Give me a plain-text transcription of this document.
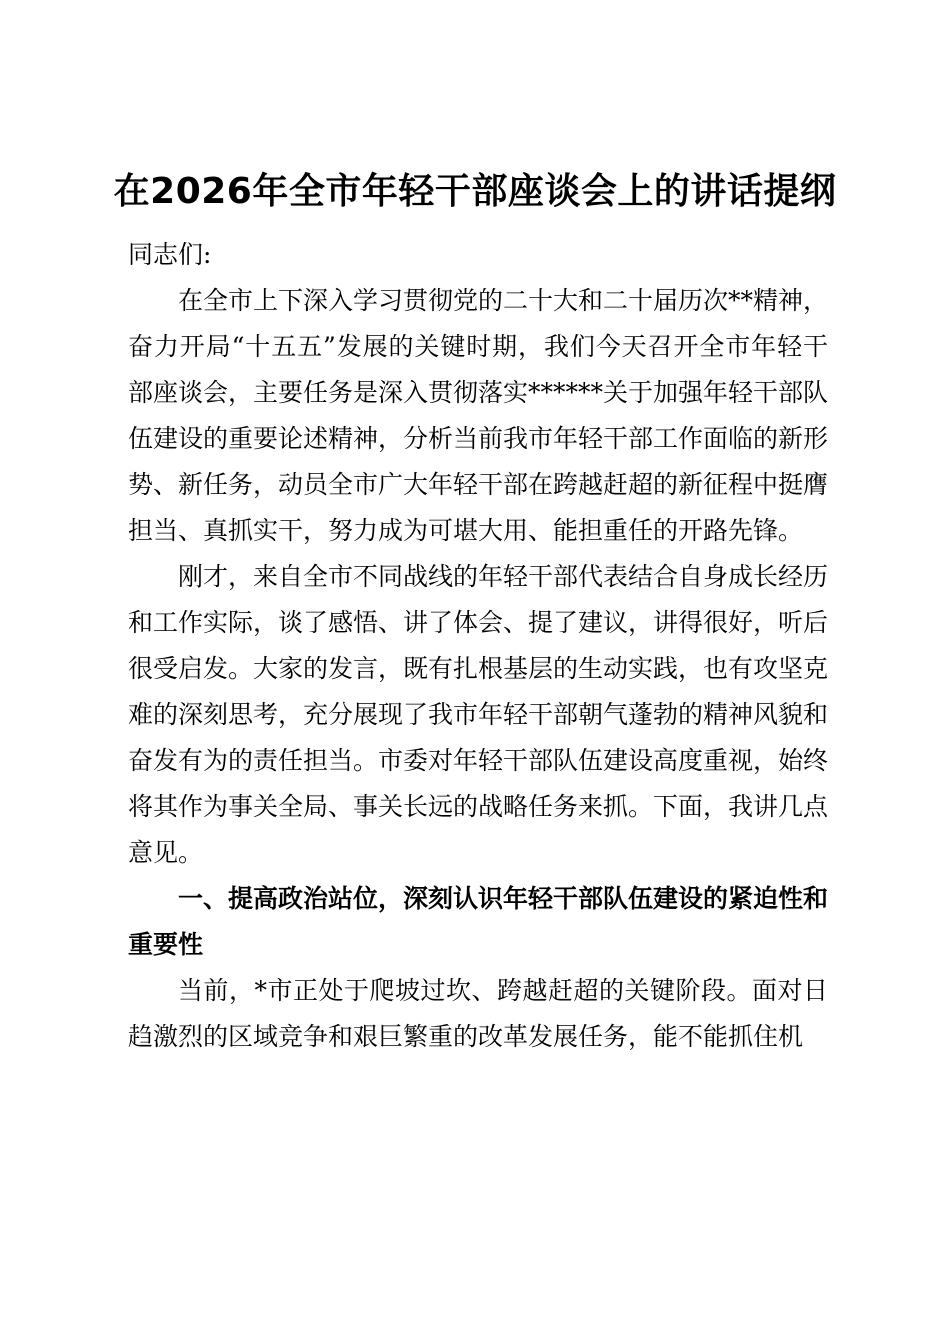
在2026年全市年轻干部座谈会上的讲话提纲

同志们:

在全市上下深入学习贯彻党的二十大和二十届历次**精神，奋力开局“十五五”发展的关键时期，我们今天召开全市年轻干部座谈会，主要任务是深入贯彻落实******关于加强年轻干部队伍建设的重要论述精神，分析当前我市年轻干部工作面临的新形势、新任务，动员全市广大年轻干部在跨越赶超的新征程中挺膺担当、真抓实干，努力成为可堪大用、能担重任的开路先锋。

刚才，来自全市不同战线的年轻干部代表结合自身成长经历和工作实际，谈了感悟、讲了体会、提了建议，讲得很好，听后很受启发。大家的发言，既有扎根基层的生动实践，也有攻坚克难的深刻思考，充分展现了我市年轻干部朝气蓬勃的精神风貌和奋发有为的责任担当。市委对年轻干部队伍建设高度重视，始终将其作为事关全局、事关长远的战略任务来抓。下面，我讲几点意见。

一、提高政治站位，深刻认识年轻干部队伍建设的紧迫性和重要性

当前，*市正处于爬坡过坎、跨越赶超的关键阶段。面对日趋激烈的区域竞争和艰巨繁重的改革发展任务，能不能抓住机
